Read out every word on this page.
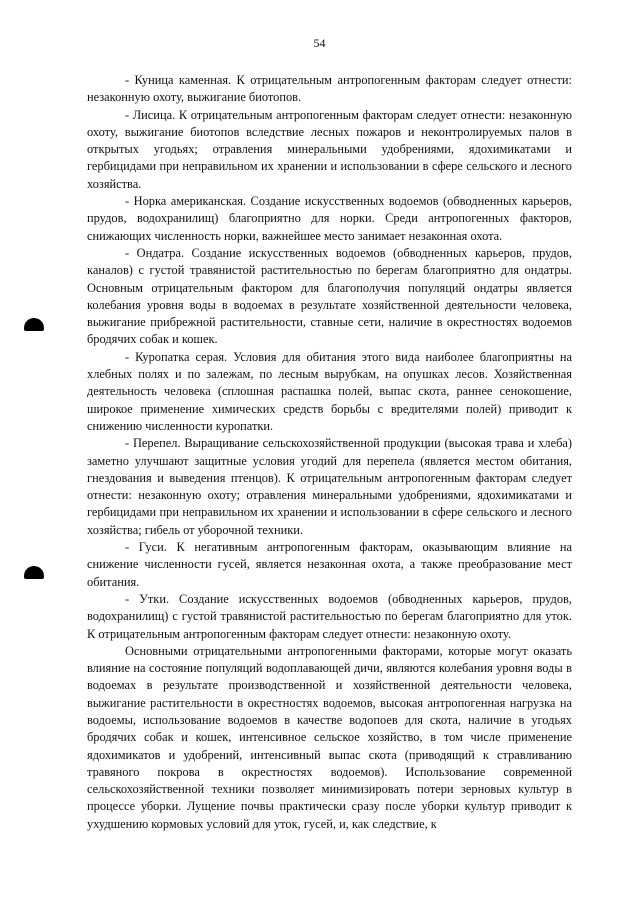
54

- Куница каменная. К отрицательным антропогенным факторам следует отнести: незаконную охоту, выжигание биотопов.

- Лисица. К отрицательным антропогенным факторам следует отнести: незаконную охоту, выжигание биотопов вследствие лесных пожаров и неконтролируемых палов в открытых угодьях; отравления минеральными удобрениями, ядохимикатами и гербицидами при неправильном их хранении и использовании в сфере сельского и лесного хозяйства.

- Норка американская. Создание искусственных водоемов (обводненных карьеров, прудов, водохранилищ) благоприятно для норки. Среди антропогенных факторов, снижающих численность норки, важнейшее место занимает незаконная охота.

- Ондатра. Создание искусственных водоемов (обводненных карьеров, прудов, каналов) с густой травянистой растительностью по берегам благоприятно для ондатры. Основным отрицательным фактором для благополучия популяций ондатры является колебания уровня воды в водоемах в результате хозяйственной деятельности человека, выжигание прибрежной растительности, ставные сети, наличие в окрестностях водоемов бродячих собак и кошек.

- Куропатка серая. Условия для обитания этого вида наиболее благоприятны на хлебных полях и по залежам, по лесным вырубкам, на опушках лесов. Хозяйственная деятельность человека (сплошная распашка полей, выпас скота, раннее сенокошение, широкое применение химических средств борьбы с вредителями полей) приводит к снижению численности куропатки.

- Перепел. Выращивание сельскохозяйственной продукции (высокая трава и хлеба) заметно улучшают защитные условия угодий для перепела (является местом обитания, гнездования и выведения птенцов). К отрицательным антропогенным факторам следует отнести: незаконную охоту; отравления минеральными удобрениями, ядохимикатами и гербицидами при неправильном их хранении и использовании в сфере сельского и лесного хозяйства; гибель от уборочной техники.

- Гуси. К негативным антропогенным факторам, оказывающим влияние на снижение численности гусей, является незаконная охота, а также преобразование мест обитания.

- Утки. Создание искусственных водоемов (обводненных карьеров, прудов, водохранилищ) с густой травянистой растительностью по берегам благоприятно для уток. К отрицательным антропогенным факторам следует отнести: незаконную охоту.

Основными отрицательными антропогенными факторами, которые могут оказать влияние на состояние популяций водоплавающей дичи, являются колебания уровня воды в водоемах в результате производственной и хозяйственной деятельности человека, выжигание растительности в окрестностях водоемов, высокая антропогенная нагрузка на водоемы, использование водоемов в качестве водопоев для скота, наличие в угодьях бродячих собак и кошек, интенсивное сельское хозяйство, в том числе применение ядохимикатов и удобрений, интенсивный выпас скота (приводящий к стравливанию травяного покрова в окрестностях водоемов). Использование современной сельскохозяйственной техники позволяет минимизировать потери зерновых культур в процессе уборки. Лущение почвы практически сразу после уборки культур приводит к ухудшению кормовых условий для уток, гусей, и, как следствие, к
